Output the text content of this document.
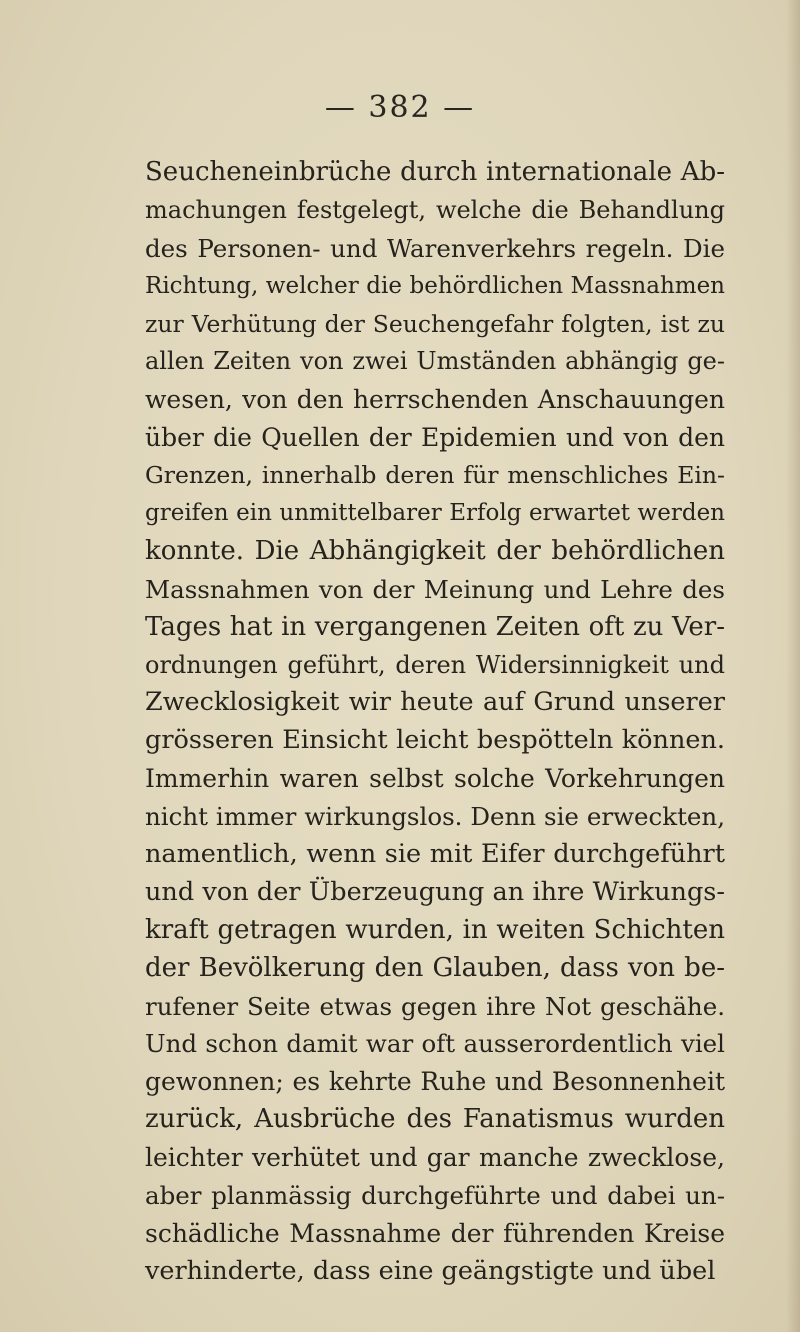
— 382 —
Seucheneinbrüche durch internationale Ab-
machungen festgelegt, welche die Behandlung
des Personen- und Warenverkehrs regeln. Die
Richtung, welcher die behördlichen Massnahmen
zur Verhütung der Seuchengefahr folgten, ist zu
allen Zeiten von zwei Umständen abhängig ge-
wesen, von den herrschenden Anschauungen
über die Quellen der Epidemien und von den
Grenzen, innerhalb deren für menschliches Ein-
greifen ein unmittelbarer Erfolg erwartet werden
konnte. Die Abhängigkeit der behördlichen
Massnahmen von der Meinung und Lehre des
Tages hat in vergangenen Zeiten oft zu Ver-
ordnungen geführt, deren Widersinnigkeit und
Zwecklosigkeit wir heute auf Grund unserer
grösseren Einsicht leicht bespötteln können.
Immerhin waren selbst solche Vorkehrungen
nicht immer wirkungslos. Denn sie erweckten,
namentlich, wenn sie mit Eifer durchgeführt
und von der Überzeugung an ihre Wirkungs-
kraft getragen wurden, in weiten Schichten
der Bevölkerung den Glauben, dass von be-
rufener Seite etwas gegen ihre Not geschähe.
Und schon damit war oft ausserordentlich viel
gewonnen; es kehrte Ruhe und Besonnenheit
zurück, Ausbrüche des Fanatismus wurden
leichter verhütet und gar manche zwecklose,
aber planmässig durchgeführte und dabei un-
schädliche Massnahme der führenden Kreise
verhinderte, dass eine geängstigte und übel
